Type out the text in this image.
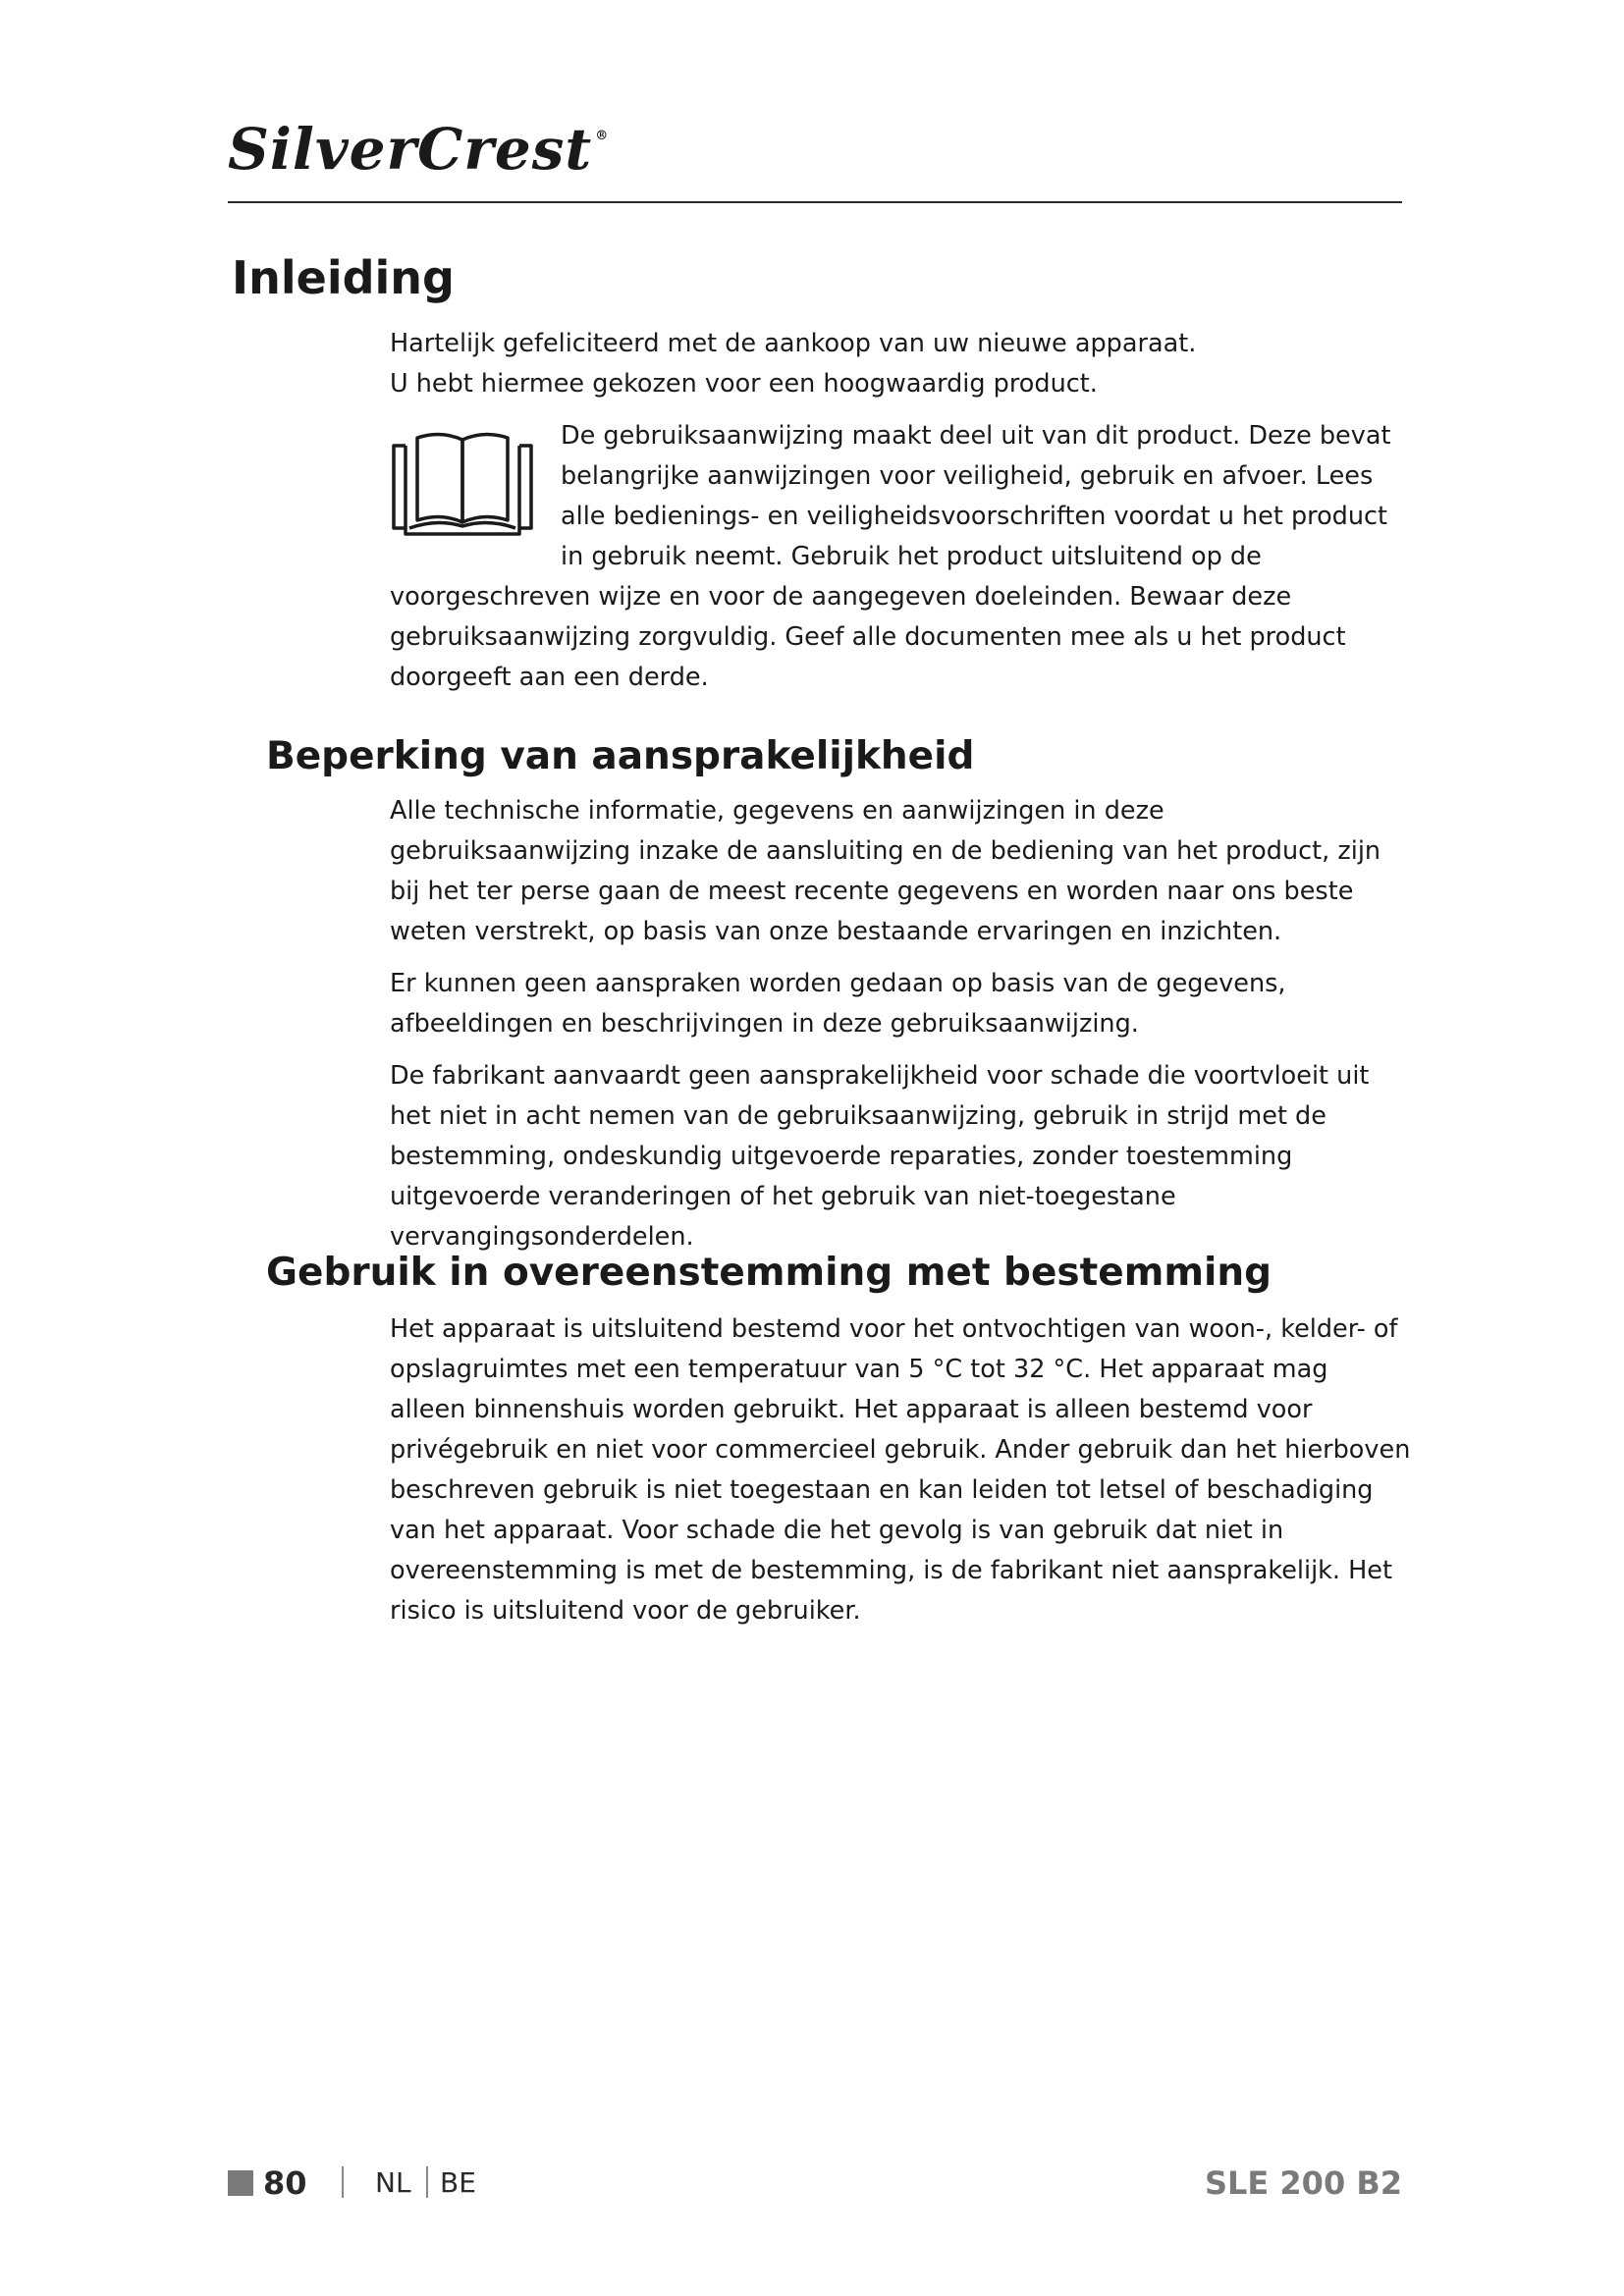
SilverCrest ®
Inleiding

Hartelijk gefeliciteerd met de aankoop van uw nieuwe apparaat.

U hebt hiermee gekozen voor een hoogwaardig product.

De gebruiksaanwijzing maakt deel uit van dit product. Deze bevat belangrijke aanwijzingen voor veiligheid, gebruik en afvoer. Lees alle bedienings- en veiligheidsvoorschriften voordat u het product in gebruik neemt. Gebruik het product uitsluitend op de voorgeschreven wijze en voor de aangegeven doeleinden. Bewaar deze gebruiksaanwijzing zorgvuldig. Geef alle documenten mee als u het product doorgeeft aan een derde.

Beperking van aansprakelijkheid

Alle technische informatie, gegevens en aanwijzingen in deze gebruiksaanwijzing inzake de aansluiting en de bediening van het product, zijn bij het ter perse gaan de meest recente gegevens en worden naar ons beste weten verstrekt, op basis van onze bestaande ervaringen en inzichten.

Er kunnen geen aanspraken worden gedaan op basis van de gegevens, afbeeldingen en beschrijvingen in deze gebruiksaanwijzing.

De fabrikant aanvaardt geen aansprakelijkheid voor schade die voortvloeit uit het niet in acht nemen van de gebruiksaanwijzing, gebruik in strijd met de bestemming, ondeskundig uitgevoerde reparaties, zonder toestemming uitgevoerde veranderingen of het gebruik van niet-toegestane vervangingsonderdelen.

Gebruik in overeenstemming met bestemming

Het apparaat is uitsluitend bestemd voor het ontvochtigen van woon-, kelder- of opslagruimtes met een temperatuur van 5 °C tot 32 °C. Het apparaat mag alleen binnenshuis worden gebruikt. Het apparaat is alleen bestemd voor privégebruik en niet voor commercieel gebruik. Ander gebruik dan het hierboven beschreven gebruik is niet toegestaan en kan leiden tot letsel of beschadiging van het apparaat. Voor schade die het gevolg is van gebruik dat niet in overeenstemming is met de bestemming, is de fabrikant niet aansprakelijk. Het risico is uitsluitend voor de gebruiker.

80 NL BE	SLE 200 B2
